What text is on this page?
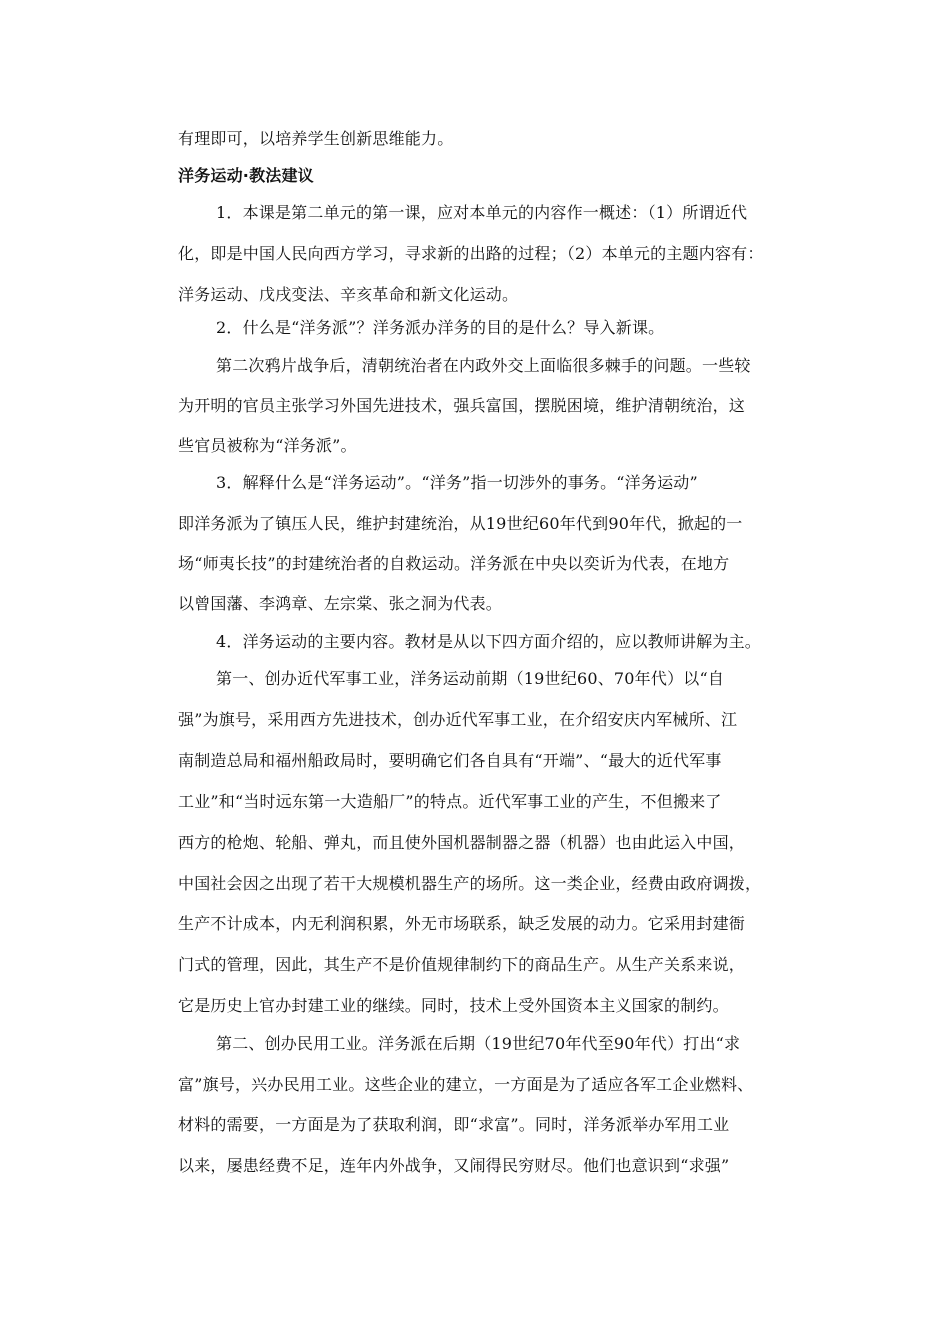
有理即可，以培养学生创新思维能力。
洋务运动·教法建议
1．本课是第二单元的第一课，应对本单元的内容作一概述：（1）所谓近代
化，即是中国人民向西方学习，寻求新的出路的过程；（2）本单元的主题内容有：
洋务运动、戊戌变法、辛亥革命和新文化运动。
2．什么是“洋务派”？洋务派办洋务的目的是什么？导入新课。
第二次鸦片战争后，清朝统治者在内政外交上面临很多棘手的问题。一些较
为开明的官员主张学习外国先进技术，强兵富国，摆脱困境，维护清朝统治，这
些官员被称为“洋务派”。
3．解释什么是“洋务运动”。“洋务”指一切涉外的事务。“洋务运动”
即洋务派为了镇压人民，维护封建统治，从19世纪60年代到90年代，掀起的一
场“师夷长技”的封建统治者的自救运动。洋务派在中央以奕䜣为代表，在地方
以曾国藩、李鸿章、左宗棠、张之洞为代表。
4．洋务运动的主要内容。教材是从以下四方面介绍的，应以教师讲解为主。
第一、创办近代军事工业，洋务运动前期（19世纪60、70年代）以“自
强”为旗号，采用西方先进技术，创办近代军事工业，在介绍安庆内军械所、江
南制造总局和福州船政局时，要明确它们各自具有“开端”、“最大的近代军事
工业”和“当时远东第一大造船厂”的特点。近代军事工业的产生，不但搬来了
西方的枪炮、轮船、弹丸，而且使外国机器制器之器（机器）也由此运入中国，
中国社会因之出现了若干大规模机器生产的场所。这一类企业，经费由政府调拨，
生产不计成本，内无利润积累，外无市场联系，缺乏发展的动力。它采用封建衙
门式的管理，因此，其生产不是价值规律制约下的商品生产。从生产关系来说，
它是历史上官办封建工业的继续。同时，技术上受外国资本主义国家的制约。
第二、创办民用工业。洋务派在后期（19世纪70年代至90年代）打出“求
富”旗号，兴办民用工业。这些企业的建立，一方面是为了适应各军工企业燃料、
材料的需要，一方面是为了获取利润，即“求富”。同时，洋务派举办军用工业
以来，屡患经费不足，连年内外战争，又闹得民穷财尽。他们也意识到“求强”
